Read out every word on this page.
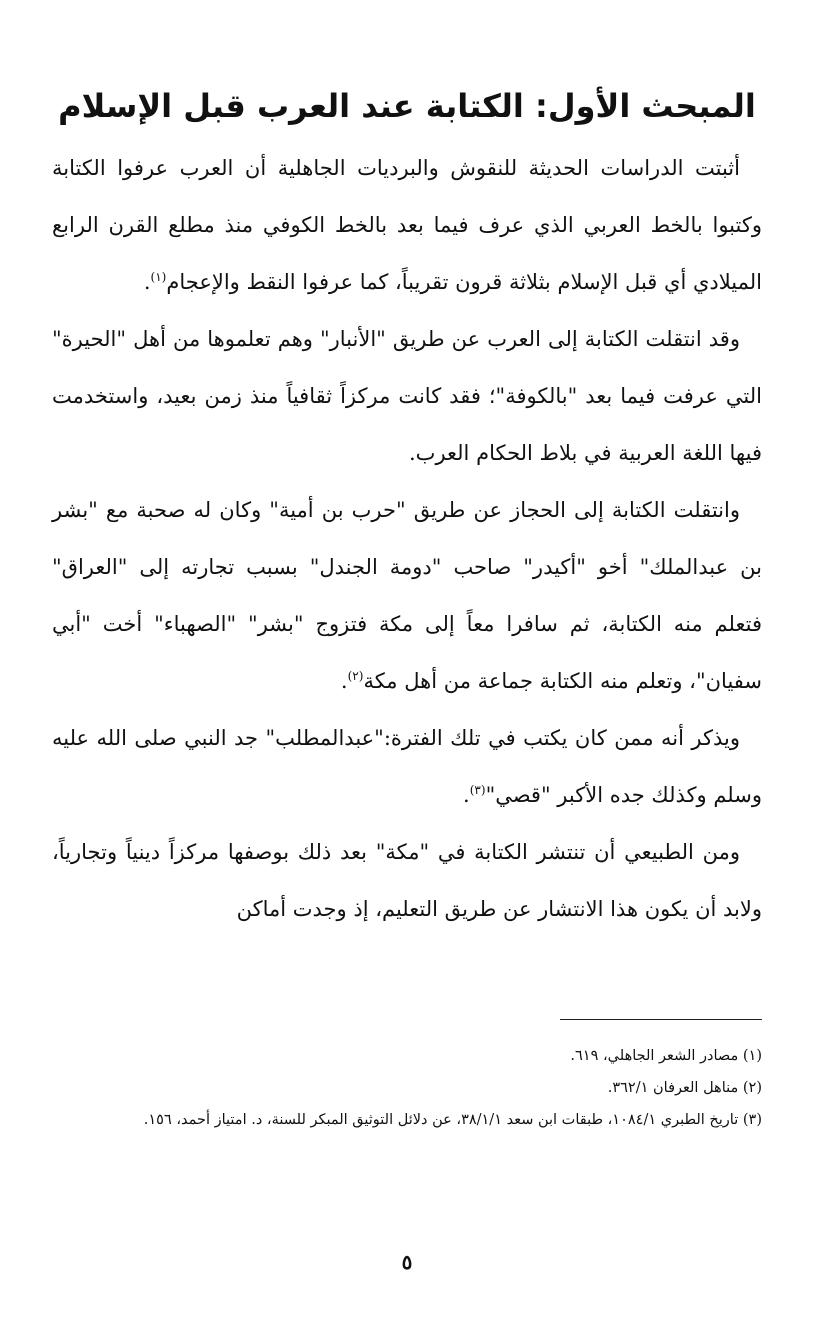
المبحث الأول: الكتابة عند العرب قبل الإسلام

أثبتت الدراسات الحديثة للنقوش والبرديات الجاهلية أن العرب عرفوا الكتابة وكتبوا بالخط العربي الذي عرف فيما بعد بالخط الكوفي منذ مطلع القرن الرابع الميلادي أي قبل الإسلام بثلاثة قرون تقريباً، كما عرفوا النقط والإعجام$^{(١)}$.

وقد انتقلت الكتابة إلى العرب عن طريق "الأنبار" وهم تعلموها من أهل "الحيرة" التي عرفت فيما بعد "بالكوفة"؛ فقد كانت مركزاً ثقافياً منذ زمن بعيد، واستخدمت فيها اللغة العربية في بلاط الحكام العرب.

وانتقلت الكتابة إلى الحجاز عن طريق "حرب بن أمية" وكان له صحبة مع "بشر بن عبدالملك" أخو "أكيدر" صاحب "دومة الجندل" بسبب تجارته إلى "العراق" فتعلم منه الكتابة، ثم سافرا معاً إلى مكة فتزوج "بشر" "الصهباء" أخت "أبي سفيان"، وتعلم منه الكتابة جماعة من أهل مكة$^{(٢)}$.

ويذكر أنه ممن كان يكتب في تلك الفترة:"عبدالمطلب" جد النبي صلى الله عليه وسلم وكذلك جده الأكبر "قصي"$^{(٣)}$.

ومن الطبيعي أن تنتشر الكتابة في "مكة" بعد ذلك بوصفها مركزاً دينياً وتجارياً، ولابد أن يكون هذا الانتشار عن طريق التعليم، إذ وجدت أماكن

(١) مصادر الشعر الجاهلي، ٦١٩.

(٢) مناهل العرفان ٣٦٢/١.

(٣) تاريخ الطبري ١٠٨٤/١، طبقات ابن سعد ٣٨/١/١، عن دلائل التوثيق المبكر للسنة، د. امتياز أحمد، ١٥٦.

٥
